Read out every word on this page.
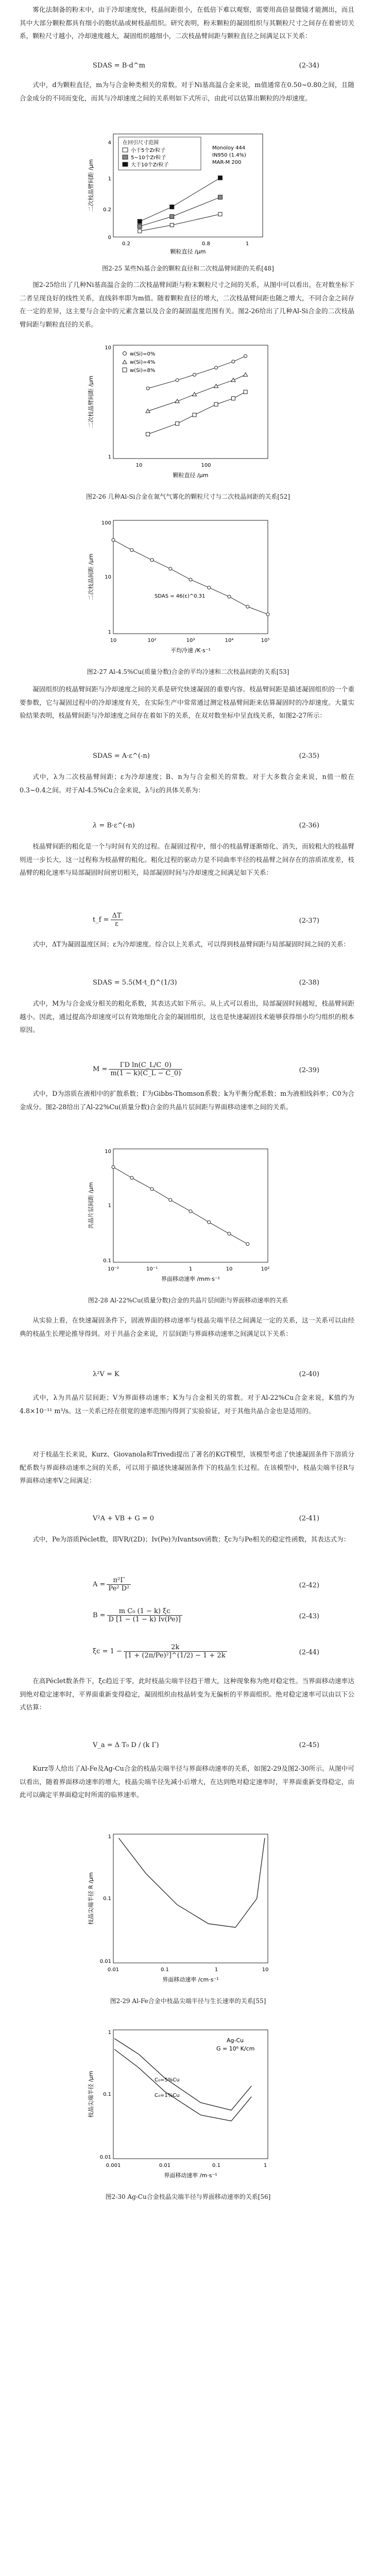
雾化法制备的粉末中，由于冷却速度快，枝晶间距很小，在低倍下难以观察，需要用高倍显微镜才能测出，而且其中大部分颗粒都具有细小的胞状晶或树枝晶组织。研究表明，粉末颗粒的凝固组织与其颗粒尺寸之间存在着密切关系，颗粒尺寸越小，冷却速度越大，凝固组织越细小，二次枝晶臂间距与颗粒直径之间满足以下关系：

SDAS = B·d^m	(2-34)

式中，d为颗粒直径，m为与合金种类相关的常数。对于Ni基高温合金来说，m值通常在0.50~0.80之间，且随合金成分的不同而变化，而其与冷却速度之间的关系则如下式所示，由此可以估算出颗粒的冷却速度。

在回引尺寸范围
小于5个Zr粒子
5~10个Zr粒子
大于10个Zr粒子
Monoloy 444
IN950 (1.4%)
MAR-M 200
0
0.2
1
4
0.2	0.8	1
颗粒直径 /μm
二次枝晶臂间距 /μm
图2-25 某些Ni基合金的颗粒直径和二次枝晶臂间距的关系[48]

图2-25给出了几种Ni基高温合金的二次枝晶臂间距与粉末颗粒尺寸之间的关系，从图中可以看出，在对数坐标下二者呈现良好的线性关系，直线斜率即为m值。随着颗粒直径的增大，二次枝晶臂间距也随之增大，不同合金之间存在一定的差异，这主要与合金中的元素含量以及合金的凝固温度范围有关。图2-26给出了几种Al-Si合金的二次枝晶臂间距与颗粒直径的关系。

w(Si)=0%
w(Si)=4%
w(Si)=8%
1
10
10	100
颗粒直径 /μm
二次枝晶臂间距 /μm
图2-26 几种Al-Si合金在氮气气雾化的颗粒尺寸与二次枝晶间距的关系[52]
SDAS = 46(ε)^0.31
1
10
100
10	10²	10³	10⁴	10⁵
平均冷速 /K·s⁻¹
二次枝晶间距 /μm
图2-27 Al-4.5%Cu(质量分数)合金的平均冷速和二次枝晶间距的关系[53]

凝固组织的枝晶臂间距与冷却速度之间的关系是研究快速凝固的重要内容。枝晶臂间距是描述凝固组织的一个重要参数，它与凝固过程中的冷却速度有关，在实际生产中常常通过测定枝晶臂间距来估算凝固时的冷却速度。大量实验结果表明，枝晶臂间距与冷却速度之间存在着如下的关系，在双对数坐标中呈直线关系，如图2-27所示：

SDAS = A·ε^(-n)	(2-35)

式中，λ为二次枝晶臂间距；ε为冷却速度；B、n为与合金相关的常数。对于大多数合金来说，n值一般在0.3~0.4之间。对于Al-4.5%Cu合金来说，λ与ε的具体关系为：

λ = B·ε^(-n)	(2-36)

枝晶臂间距的粗化是一个与时间有关的过程。在凝固过程中，细小的枝晶臂逐渐熔化、消失，而较粗大的枝晶臂则进一步长大，这一过程称为枝晶臂的粗化。粗化过程的驱动力是不同曲率半径的枝晶臂之间存在的溶质浓度差，枝晶臂的粗化速率与局部凝固时间密切相关，局部凝固时间与冷却速度之间满足如下关系：

t_f = $\frac{\Delta T}{\varepsilon}$	(2-37)

式中，ΔT为凝固温度区间；ε为冷却速度。综合以上关系式，可以得到枝晶臂间距与局部凝固时间之间的关系：

SDAS = 5.5(M·t_f)^(1/3)	(2-38)

式中，M为与合金成分相关的粗化系数，其表达式如下所示。从上式可以看出，局部凝固时间越短，枝晶臂间距越小。因此，通过提高冷却速度可以有效地细化合金的凝固组织，这也是快速凝固技术能够获得细小均匀组织的根本原因。

$M = \frac{\text{ΓD ln(C\_L/C\_0)}}{m(1 - k)(C\_L - C\_0)}$	(2-39)

式中，D为溶质在液相中的扩散系数；Γ为Gibbs-Thomson系数；k为平衡分配系数；m为液相线斜率；C0为合金成分。图2-28给出了Al-22%Cu(质量分数)合金的共晶片层间距与界面移动速率之间的关系。

0.1
1
10
10⁻²	10⁻¹	1	10	10²
界面移动速率 /mm·s⁻¹
共晶片层间距 /μm
图2-28 Al-22%Cu(质量分数)合金的共晶片层间距与界面移动速率的关系

从实验上看，在快速凝固条件下，固液界面的移动速率与枝晶尖端半径之间满足一定的关系，这一关系可以由经典的枝晶生长理论推导得到。对于共晶合金来说，片层间距与界面移动速率之间满足以下关系：

λ²V = K	(2-40)

式中，λ为共晶片层间距；V为界面移动速率；K为与合金相关的常数。对于Al-22%Cu合金来说，K值约为4.8×10⁻¹¹ m³/s。这一关系已经在很宽的速率范围内得到了实验验证，对于其他共晶合金也是适用的。

对于枝晶生长来说，Kurz、Giovanola和Trivedi提出了著名的KGT模型，该模型考虑了快速凝固条件下溶质分配系数与界面移动速率之间的关系，可以用于描述快速凝固条件下的枝晶生长过程。在该模型中，枝晶尖端半径R与界面移动速率V之间满足：

V²A + VB + G = 0	(2-41)

式中，Pe为溶质Péclet数，即VR/(2D)；Iv(Pe)为Ivantsov函数；ξc为与Pe相关的稳定性函数，其表达式为：

$A = \frac{\text{π²Γ}}{\text{Pe² D²}}$	(2-42)
$B = \frac{\text{m C₀ (1 − k) ξc}}{D [1 - (1 - k) Iv(Pe)]}$	(2-43)
$\xi c = 1 - \frac{2k}{\text{[1 + (2π/Pe)²]\textasciicircum{}(1/2) − 1 + 2k}}$	(2-44)

在高Péclet数条件下，ξc趋近于零，此时枝晶尖端半径趋于增大，这种现象称为绝对稳定性。当界面移动速率达到绝对稳定速率时，平界面重新变得稳定，凝固组织由枝晶转变为无偏析的平界面组织。绝对稳定速率可以由以下公式估算：

V_a = Δ T₀ D / (k Γ)	(2-45)

Kurz等人给出了Al-Fe及Ag-Cu合金的枝晶尖端半径与界面移动速率的关系，如图2-29及图2-30所示。从图中可以看出，随着界面移动速率的增大，枝晶尖端半径先减小后增大，在达到绝对稳定速率时，平界面重新变得稳定，由此可以确定平界面稳定时所需的临界速率。

0.01
0.1
1
0.01	0.1	1	10
界面移动速率 /cm·s⁻¹
枝晶尖端半径 R /μm
图2-29 Al-Fe合金中枝晶尖端半径与生长速率的关系[55]
Ag-Cu
G = 10⁶ K/cm
C₀=1%Cu
C₀=5%Cu
0.01
0.1
1
0.001	0.01	0.1	1
界面移动速率 /m·s⁻¹
枝晶尖端半径 /μm
图2-30 Ag-Cu合金枝晶尖端半径与界面移动速率的关系[56]
